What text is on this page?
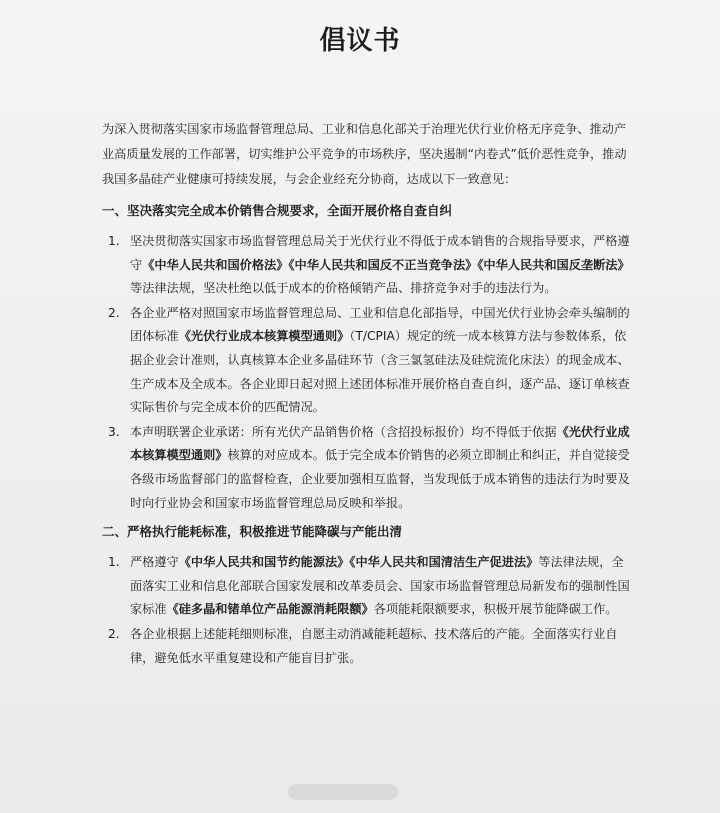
倡议书

为深入贯彻落实国家市场监督管理总局、工业和信息化部关于治理光伏行业价格无序竞争、推动产业高质量发展的工作部署，切实维护公平竞争的市场秩序，坚决遏制“内卷式”低价恶性竞争，推动我国多晶硅产业健康可持续发展，与会企业经充分协商，达成以下一致意见：

一、坚决落实完全成本价销售合规要求，全面开展价格自查自纠
1. 坚决贯彻落实国家市场监督管理总局关于光伏行业不得低于成本销售的合规指导要求，严格遵守《中华人民共和国价格法》《中华人民共和国反不正当竞争法》《中华人民共和国反垄断法》等法律法规，坚决杜绝以低于成本的价格倾销产品、排挤竞争对手的违法行为。

2. 各企业严格对照国家市场监督管理总局、工业和信息化部指导，中国光伏行业协会牵头编制的团体标准《光伏行业成本核算模型通则》（T/CPIA）规定的统一成本核算方法与参数体系，依据企业会计准则，认真核算本企业多晶硅环节（含三氯氢硅法及硅烷流化床法）的现金成本、生产成本及全成本。各企业即日起对照上述团体标准开展价格自查自纠，逐产品、逐订单核查实际售价与完全成本价的匹配情况。

3. 本声明联署企业承诺：所有光伏产品销售价格（含招投标报价）均不得低于依据《光伏行业成本核算模型通则》核算的对应成本。低于完全成本价销售的必须立即制止和纠正，并自觉接受各级市场监督部门的监督检查，企业要加强相互监督，当发现低于成本销售的违法行为时要及时向行业协会和国家市场监督管理总局反映和举报。

二、严格执行能耗标准，积极推进节能降碳与产能出清
1. 严格遵守《中华人民共和国节约能源法》《中华人民共和国清洁生产促进法》等法律法规，全面落实工业和信息化部联合国家发展和改革委员会、国家市场监督管理总局新发布的强制性国家标准《硅多晶和锗单位产品能源消耗限额》各项能耗限额要求，积极开展节能降碳工作。

2. 各企业根据上述能耗细则标准，自愿主动消减能耗超标、技术落后的产能。全面落实行业自律，避免低水平重复建设和产能盲目扩张。
